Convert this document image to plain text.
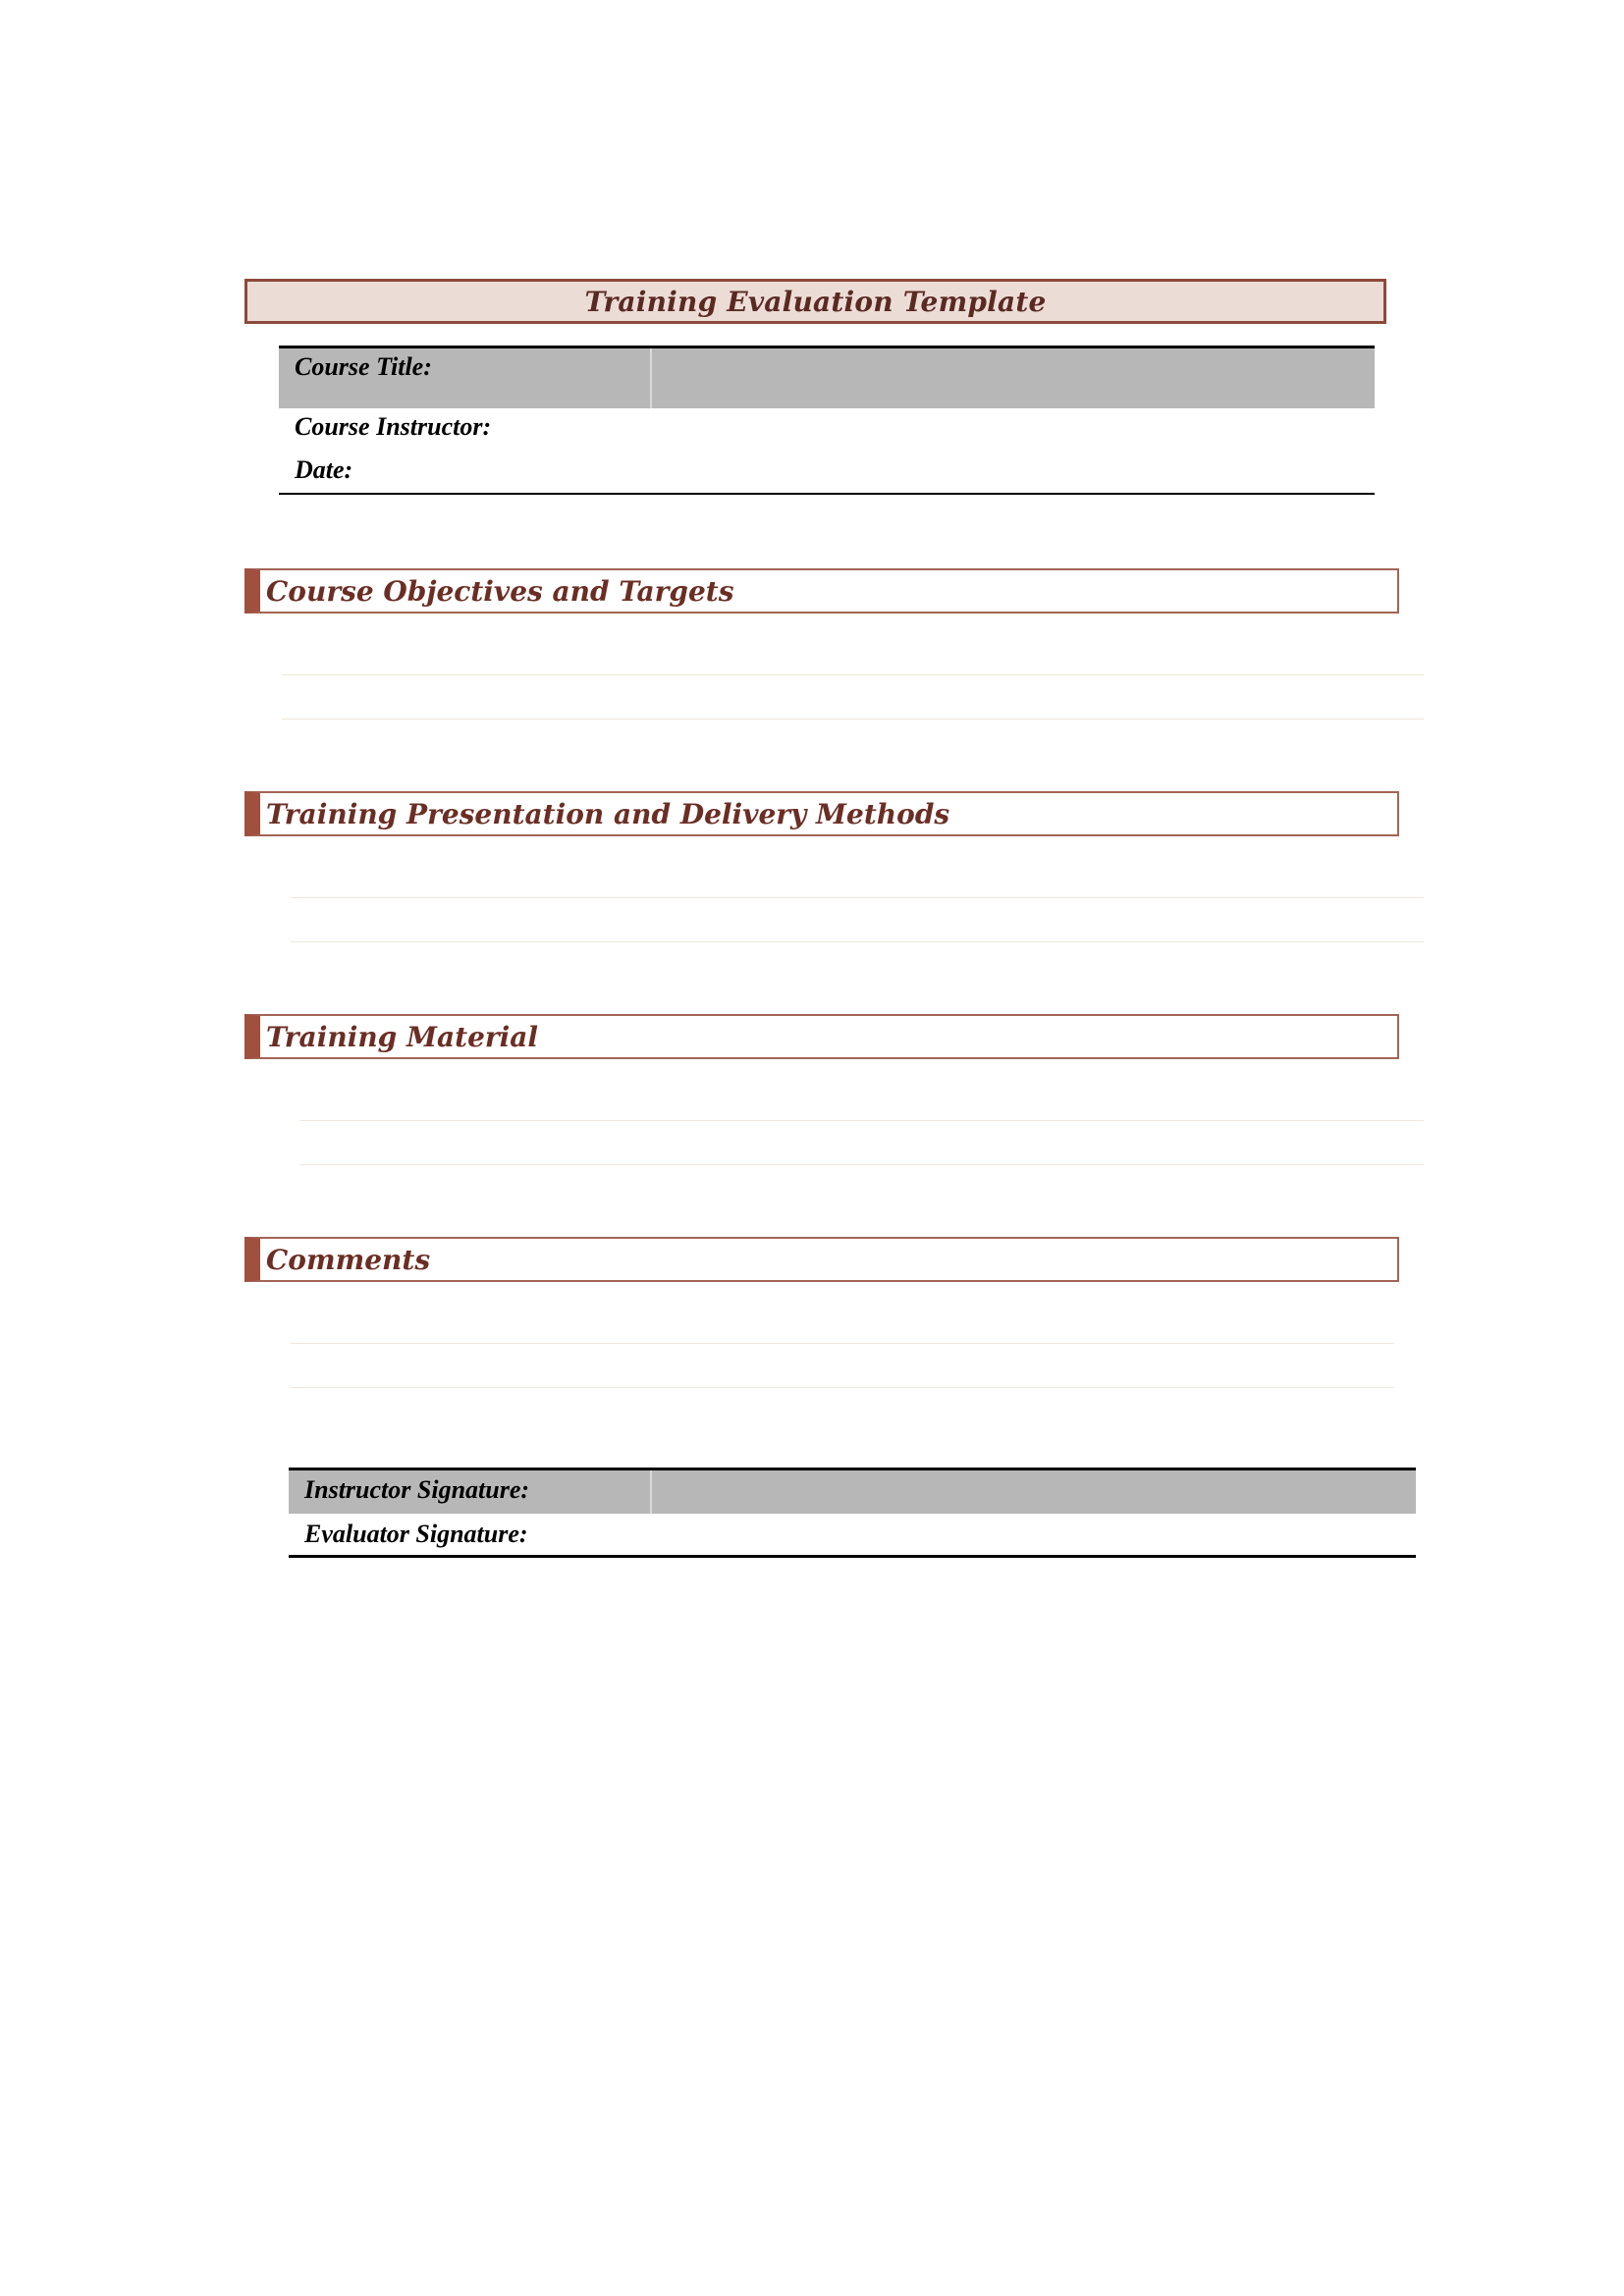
Training Evaluation Template
Course Title:
Course Instructor:
Date:
Course Objectives and Targets
Training Presentation and Delivery Methods
Training Material
Comments
Instructor Signature:
Evaluator Signature:
